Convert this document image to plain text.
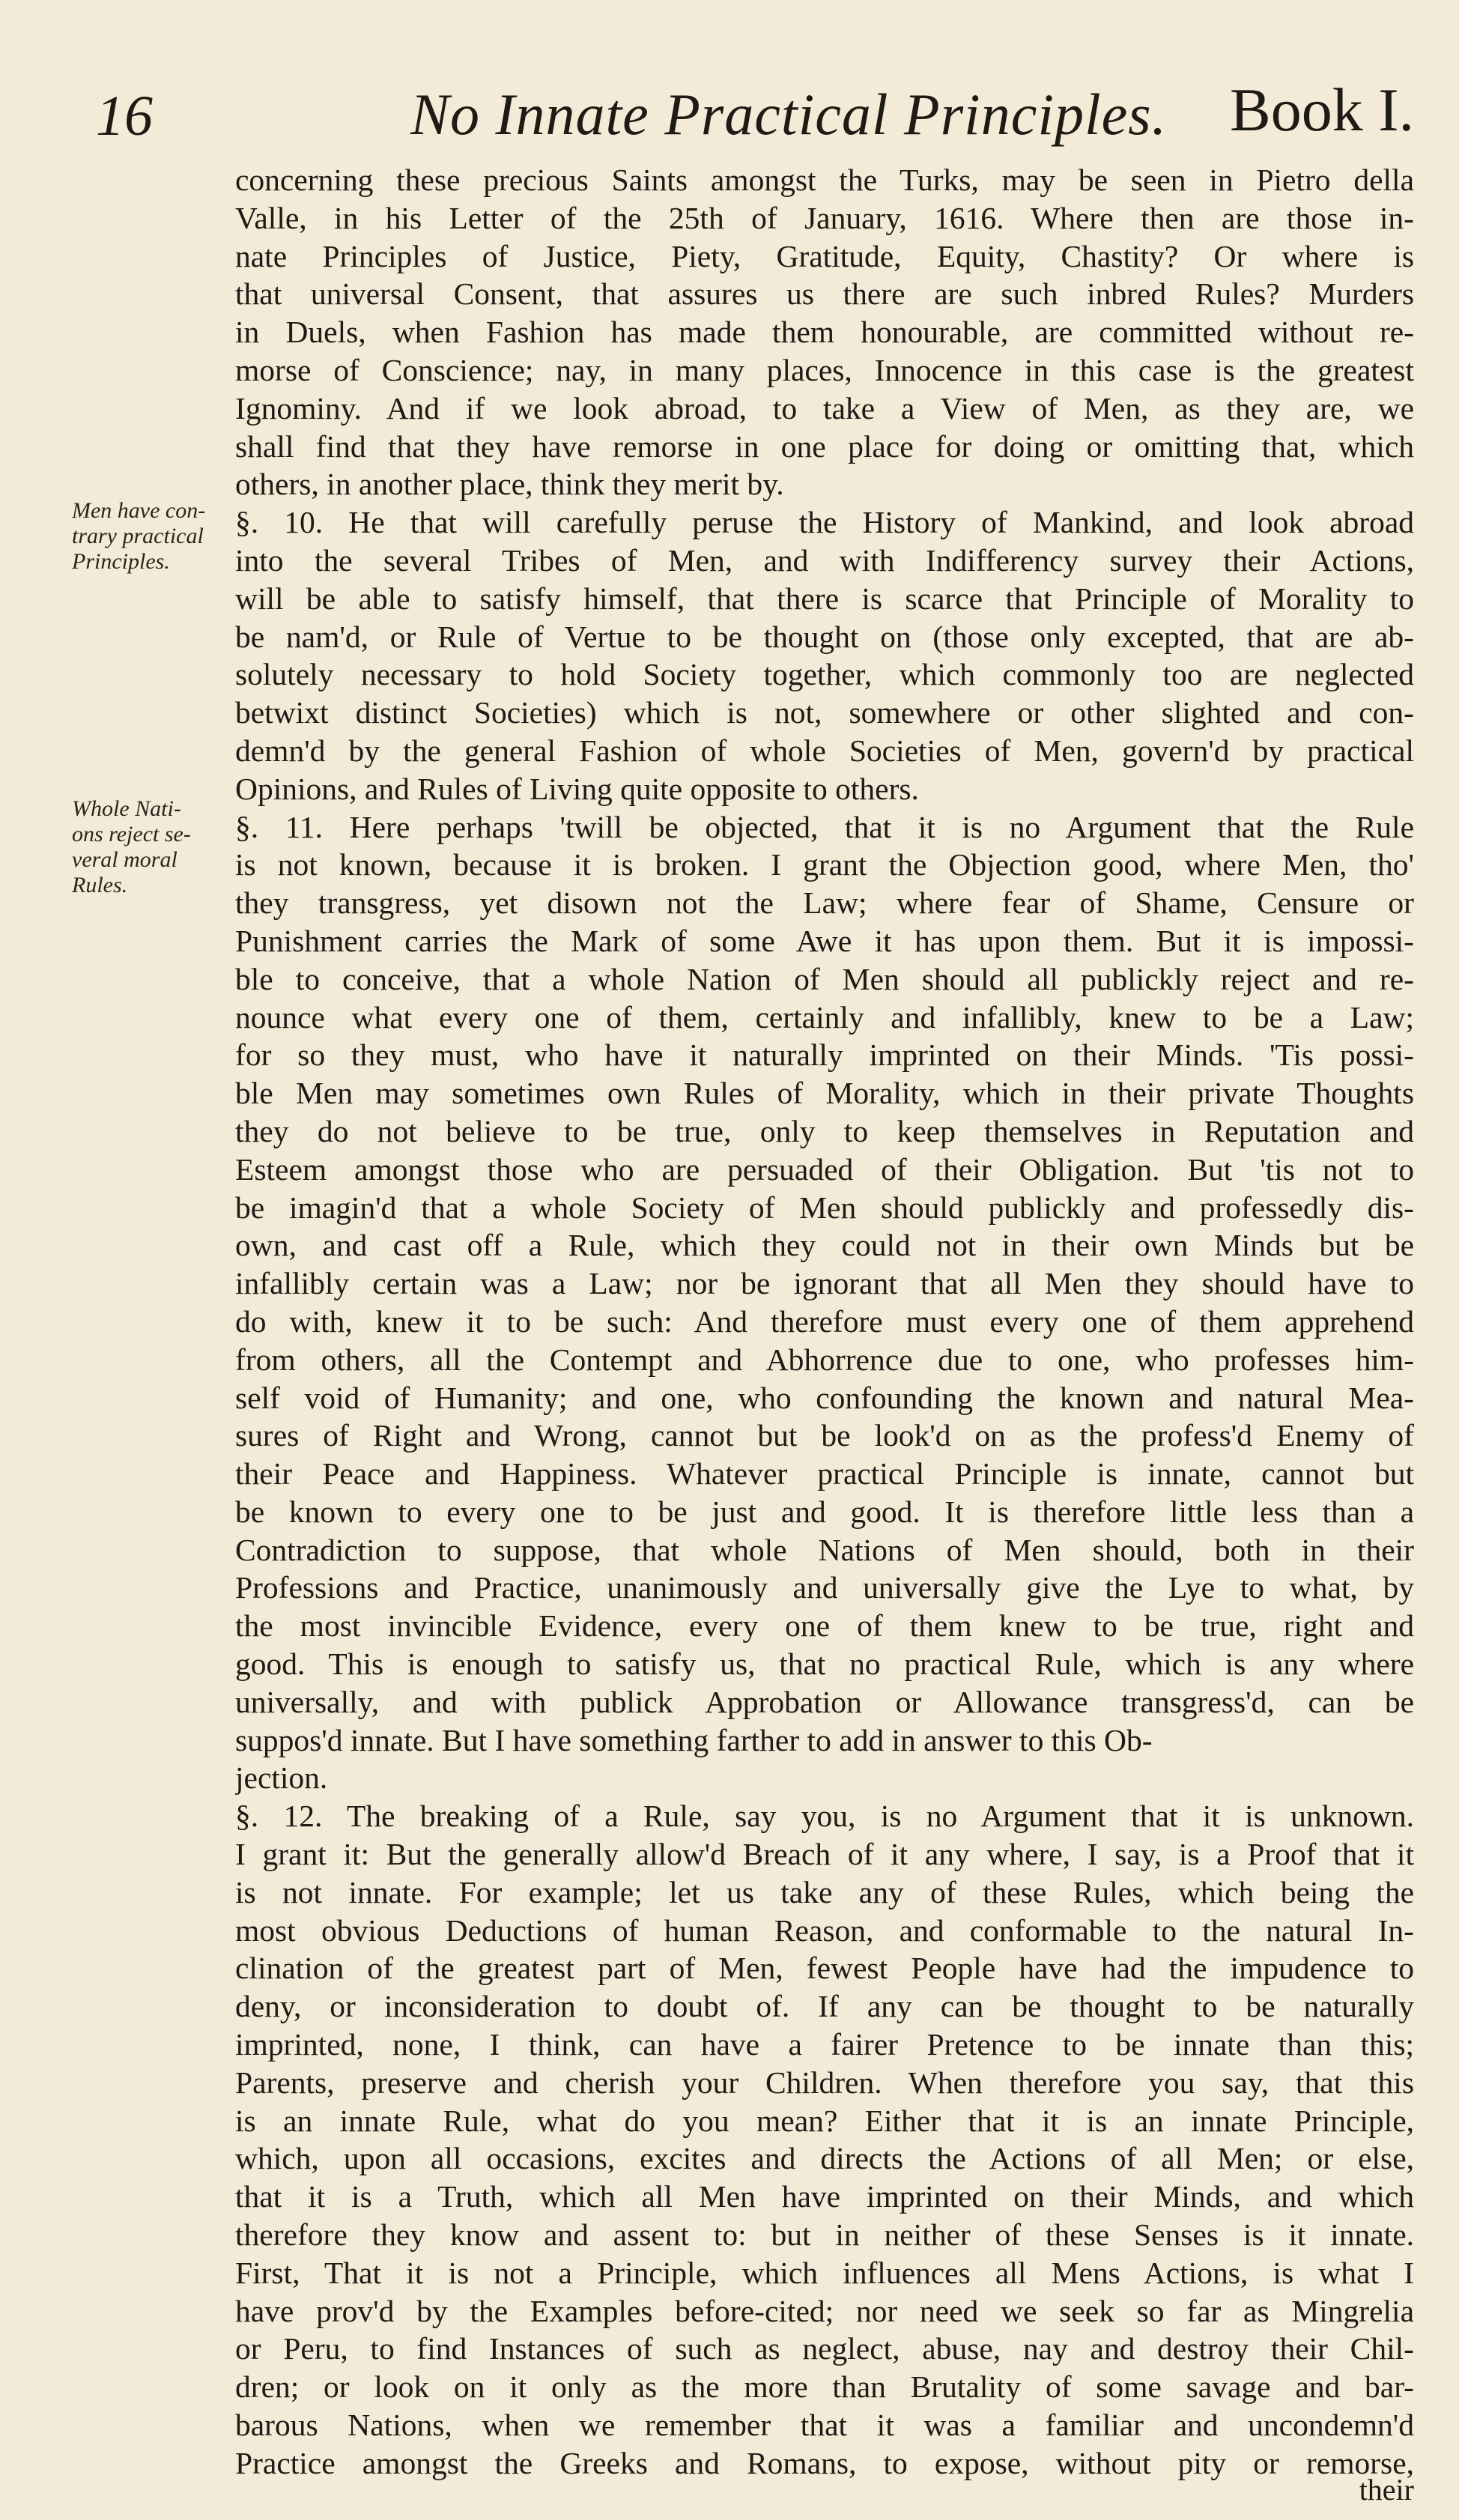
16	No Innate Practical Principles. Book I.
Men have con-
trary practical
Principles.
Whole Nati-
ons reject se-
veral moral
Rules.
concerning these precious Saints amongst the Turks, may be seen in Pietro della
Valle, in his Letter of the 25th of January, 1616. Where then are those in-
nate Principles of Justice, Piety, Gratitude, Equity, Chastity? Or where is
that universal Consent, that assures us there are such inbred Rules? Murders
in Duels, when Fashion has made them honourable, are committed without re-
morse of Conscience; nay, in many places, Innocence in this case is the greatest
Ignominy. And if we look abroad, to take a View of Men, as they are, we
shall find that they have remorse in one place for doing or omitting that, which
others, in another place, think they merit by.
§. 10. He that will carefully peruse the History of Mankind, and look abroad
into the several Tribes of Men, and with Indifferency survey their Actions,
will be able to satisfy himself, that there is scarce that Principle of Morality to
be nam'd, or Rule of Vertue to be thought on (those only excepted, that are ab-
solutely necessary to hold Society together, which commonly too are neglected
betwixt distinct Societies) which is not, somewhere or other slighted and con-
demn'd by the general Fashion of whole Societies of Men, govern'd by practical
Opinions, and Rules of Living quite opposite to others.
§. 11. Here perhaps 'twill be objected, that it is no Argument that the Rule
is not known, because it is broken. I grant the Objection good, where Men, tho'
they transgress, yet disown not the Law; where fear of Shame, Censure or
Punishment carries the Mark of some Awe it has upon them. But it is impossi-
ble to conceive, that a whole Nation of Men should all publickly reject and re-
nounce what every one of them, certainly and infallibly, knew to be a Law;
for so they must, who have it naturally imprinted on their Minds. 'Tis possi-
ble Men may sometimes own Rules of Morality, which in their private Thoughts
they do not believe to be true, only to keep themselves in Reputation and
Esteem amongst those who are persuaded of their Obligation. But 'tis not to
be imagin'd that a whole Society of Men should publickly and professedly dis-
own, and cast off a Rule, which they could not in their own Minds but be
infallibly certain was a Law; nor be ignorant that all Men they should have to
do with, knew it to be such: And therefore must every one of them apprehend
from others, all the Contempt and Abhorrence due to one, who professes him-
self void of Humanity; and one, who confounding the known and natural Mea-
sures of Right and Wrong, cannot but be look'd on as the profess'd Enemy of
their Peace and Happiness. Whatever practical Principle is innate, cannot but
be known to every one to be just and good. It is therefore little less than a
Contradiction to suppose, that whole Nations of Men should, both in their
Professions and Practice, unanimously and universally give the Lye to what, by
the most invincible Evidence, every one of them knew to be true, right and
good. This is enough to satisfy us, that no practical Rule, which is any where
universally, and with publick Approbation or Allowance transgress'd, can be
suppos'd innate. But I have something farther to add in answer to this Ob-
jection.
§. 12. The breaking of a Rule, say you, is no Argument that it is unknown.
I grant it: But the generally allow'd Breach of it any where, I say, is a Proof that it
is not innate. For example; let us take any of these Rules, which being the
most obvious Deductions of human Reason, and conformable to the natural In-
clination of the greatest part of Men, fewest People have had the impudence to
deny, or inconsideration to doubt of. If any can be thought to be naturally
imprinted, none, I think, can have a fairer Pretence to be innate than this;
Parents, preserve and cherish your Children. When therefore you say, that this
is an innate Rule, what do you mean? Either that it is an innate Principle,
which, upon all occasions, excites and directs the Actions of all Men; or else,
that it is a Truth, which all Men have imprinted on their Minds, and which
therefore they know and assent to: but in neither of these Senses is it innate.
First, That it is not a Principle, which influences all Mens Actions, is what I
have prov'd by the Examples before-cited; nor need we seek so far as Mingrelia
or Peru, to find Instances of such as neglect, abuse, nay and destroy their Chil-
dren; or look on it only as the more than Brutality of some savage and bar-
barous Nations, when we remember that it was a familiar and uncondemn'd
Practice amongst the Greeks and Romans, to expose, without pity or remorse,
their
